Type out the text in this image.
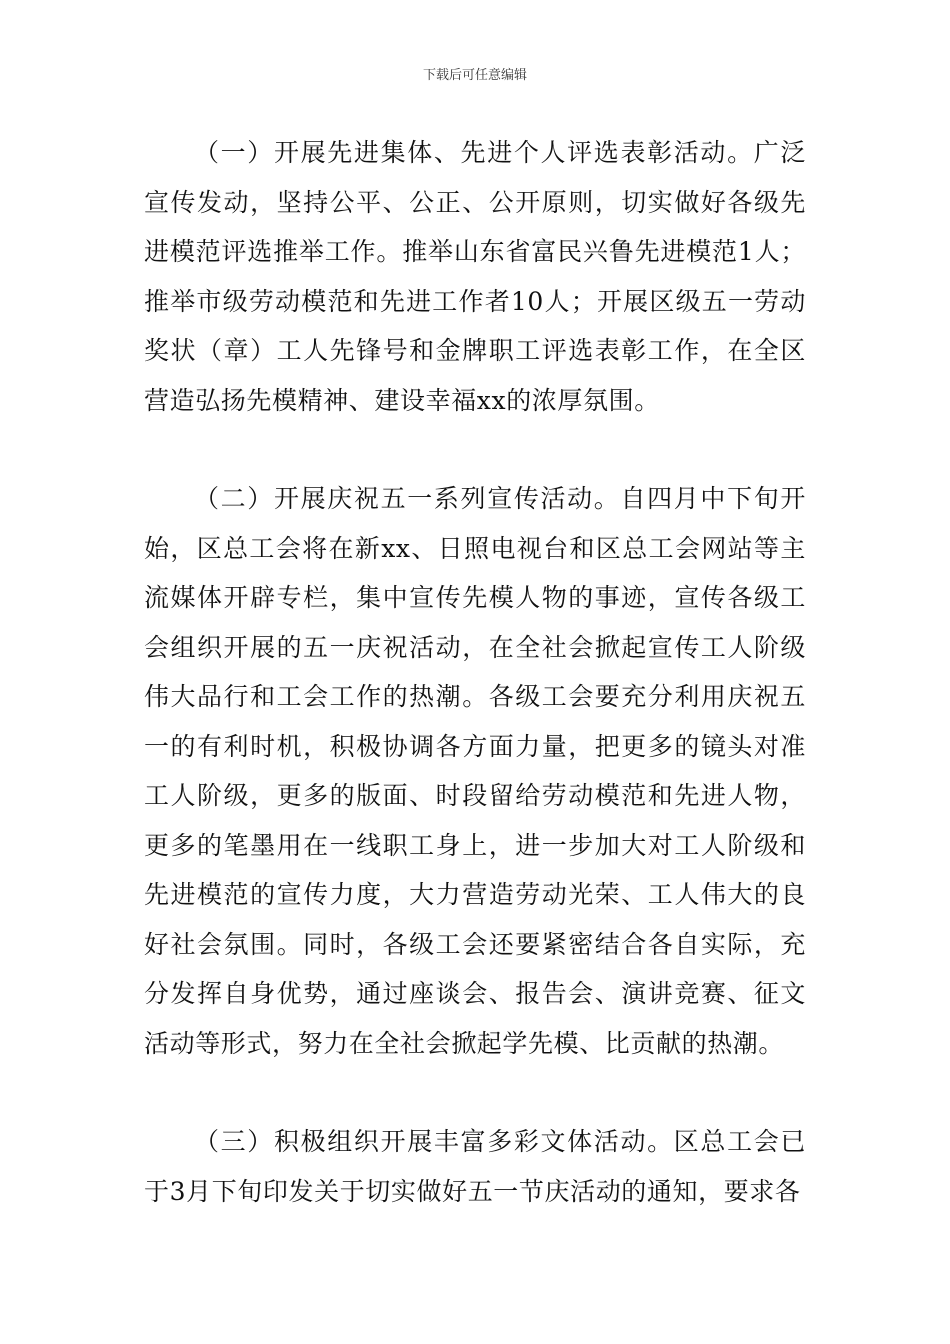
下载后可任意编辑

（一）开展先进集体、先进个人评选表彰活动。广泛宣传发动，坚持公平、公正、公开原则，切实做好各级先进模范评选推举工作。推举山东省富民兴鲁先进模范1人；推举市级劳动模范和先进工作者10人；开展区级五一劳动奖状（章）工人先锋号和金牌职工评选表彰工作，在全区营造弘扬先模精神、建设幸福xx的浓厚氛围。

（二）开展庆祝五一系列宣传活动。自四月中下旬开始，区总工会将在新xx、日照电视台和区总工会网站等主流媒体开辟专栏，集中宣传先模人物的事迹，宣传各级工会组织开展的五一庆祝活动，在全社会掀起宣传工人阶级伟大品行和工会工作的热潮。各级工会要充分利用庆祝五一的有利时机，积极协调各方面力量，把更多的镜头对准工人阶级，更多的版面、时段留给劳动模范和先进人物，更多的笔墨用在一线职工身上，进一步加大对工人阶级和先进模范的宣传力度，大力营造劳动光荣、工人伟大的良好社会氛围。同时，各级工会还要紧密结合各自实际，充分发挥自身优势，通过座谈会、报告会、演讲竞赛、征文活动等形式，努力在全社会掀起学先模、比贡献的热潮。

（三）积极组织开展丰富多彩文体活动。区总工会已于3月下旬印发关于切实做好五一节庆活动的通知，要求各
